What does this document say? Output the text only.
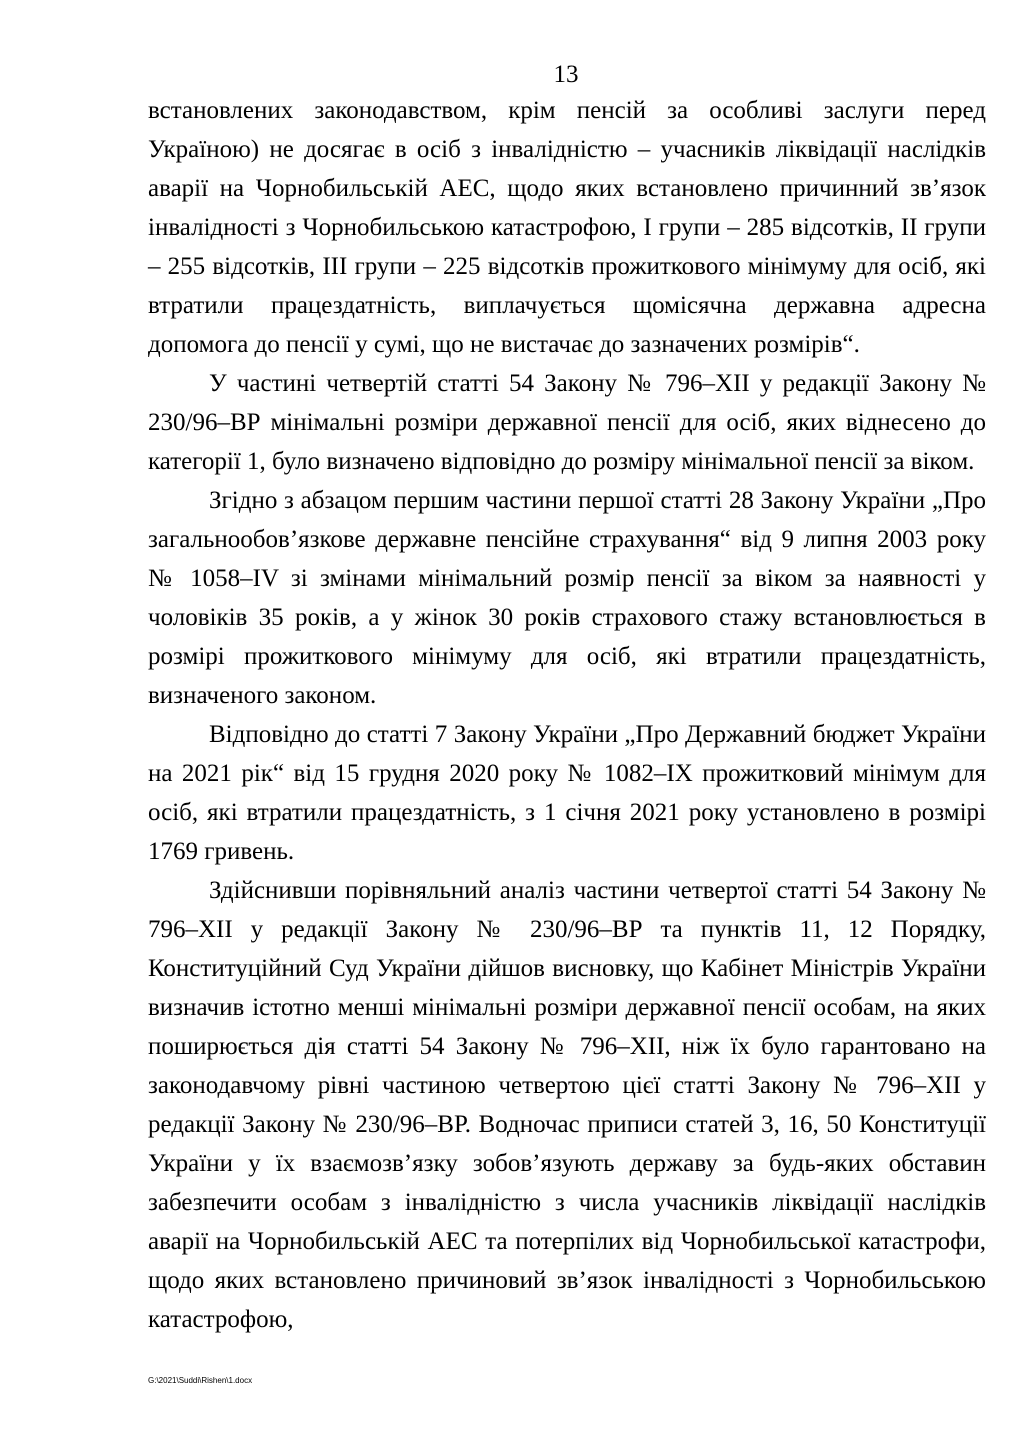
13

встановлених законодавством, крім пенсій за особливі заслуги перед Україною) не досягає в осіб з інвалідністю – учасників ліквідації наслідків аварії на Чорнобильській АЕС, щодо яких встановлено причинний зв’язок інвалідності з Чорнобильською катастрофою, І групи – 285 відсотків, ІІ групи – 255 відсотків, ІІІ групи – 225 відсотків прожиткового мінімуму для осіб, які втратили працездатність, виплачується щомісячна державна адресна допомога до пенсії у сумі, що не вистачає до зазначених розмірів“.

У частині четвертій статті 54 Закону № 796–XII у редакції Закону № 230/96–ВР мінімальні розміри державної пенсії для осіб, яких віднесено до категорії 1, було визначено відповідно до розміру мінімальної пенсії за віком.

Згідно з абзацом першим частини першої статті 28 Закону України „Про загальнообов’язкове державне пенсійне страхування“ від 9 липня 2003 року № 1058–IV зі змінами мінімальний розмір пенсії за віком за наявності у чоловіків 35 років, а у жінок 30 років страхового стажу встановлюється в розмірі прожиткового мінімуму для осіб, які втратили працездатність, визначеного законом.

Відповідно до статті 7 Закону України „Про Державний бюджет України на 2021 рік“ від 15 грудня 2020 року № 1082–IX прожитковий мінімум для осіб, які втратили працездатність, з 1 січня 2021 року установлено в розмірі 1769 гривень.

Здійснивши порівняльний аналіз частини четвертої статті 54 Закону № 796–XII у редакції Закону № 230/96–ВР та пунктів 11, 12 Порядку, Конституційний Суд України дійшов висновку, що Кабінет Міністрів України визначив істотно менші мінімальні розміри державної пенсії особам, на яких поширюється дія статті 54 Закону № 796–XII, ніж їх було гарантовано на законодавчому рівні частиною четвертою цієї статті Закону № 796–XII у редакції Закону № 230/96–ВР. Водночас приписи статей 3, 16, 50 Конституції України у їх взаємозв’язку зобов’язують державу за будь-яких обставин забезпечити особам з інвалідністю з числа учасників ліквідації наслідків аварії на Чорнобильській АЕС та потерпілих від Чорнобильської катастрофи, щодо яких встановлено причиновий зв’язок інвалідності з Чорнобильською катастрофою,

G:\2021\Suddi\Rishen\1.docx
